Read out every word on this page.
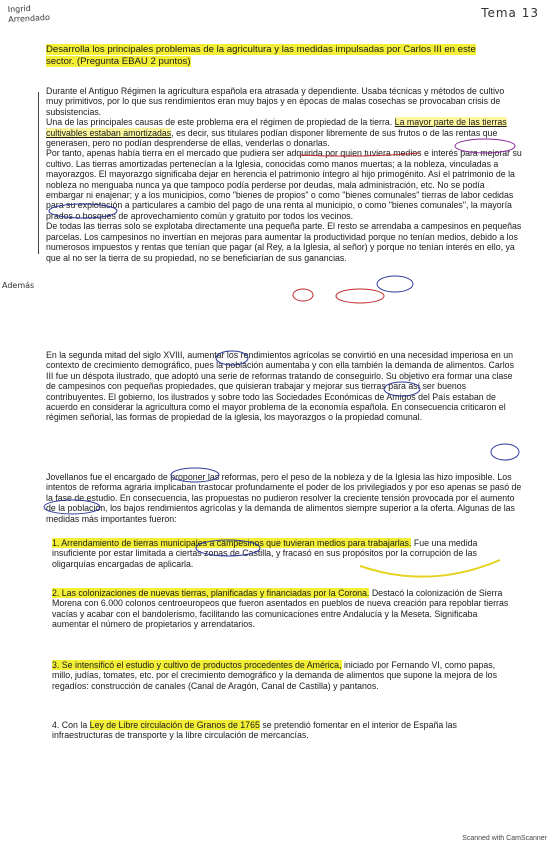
Ingrid
Arrendado	Tema 13
Además
Desarrolla los principales problemas de la agricultura y las medidas impulsadas por Carlos III en este sector. (Pregunta EBAU 2 puntos)

Durante el Antiguo Régimen la agricultura española era atrasada y dependiente. Usaba técnicas y métodos de cultivo muy primitivos, por lo que sus rendimientos eran muy bajos y en épocas de malas cosechas se provocaban crisis de subsistencias.

Una de las principales causas de este problema era el régimen de propiedad de la tierra. La mayor parte de las tierras cultivables estaban amortizadas, es decir, sus titulares podían disponer libremente de sus frutos o de las rentas que generasen, pero no podían desprenderse de ellas, venderlas o donarlas.

Por tanto, apenas había tierra en el mercado que pudiera ser adquirida por quien tuviera medios e interés para mejorar su cultivo. Las tierras amortizadas pertenecían a la Iglesia, conocidas como manos muertas; a la nobleza, vinculadas a mayorazgos. El mayorazgo significaba dejar en herencia el patrimonio íntegro al hijo primogénito. Así el patrimonio de la nobleza no menguaba nunca ya que tampoco podía perderse por deudas, mala administración, etc. No se podía embargar ni enajenar; y a los municipios, como "bienes de propios" o como "bienes comunales" tierras de labor cedidas para su explotación a particulares a cambio del pago de una renta al municipio, o como "bienes comunales", la mayoría prados o bosques de aprovechamiento común y gratuito por todos los vecinos.

De todas las tierras solo se explotaba directamente una pequeña parte. El resto se arrendaba a campesinos en pequeñas parcelas. Los campesinos no invertían en mejoras para aumentar la productividad porque no tenían medios, debido a los numerosos impuestos y rentas que tenían que pagar (al Rey, a la Iglesia, al señor) y porque no tenían interés en ello, ya que al no ser la tierra de su propiedad, no se beneficiarían de sus ganancias.

En la segunda mitad del siglo XVIII, aumentar los rendimientos agrícolas se convirtió en una necesidad imperiosa en un contexto de crecimiento demográfico, pues la población aumentaba y con ella también la demanda de alimentos. Carlos III fue un déspota ilustrado, que adoptó una serie de reformas tratando de conseguirlo. Su objetivo era formar una clase de campesinos con pequeñas propiedades, que quisieran trabajar y mejorar sus tierras para así ser buenos contribuyentes. El gobierno, los ilustrados y sobre todo las Sociedades Económicas de Amigos del País estaban de acuerdo en considerar la agricultura como el mayor problema de la economía española. En consecuencia criticaron el régimen señorial, las formas de propiedad de la iglesia, los mayorazgos o la propiedad comunal.

Jovellanos fue el encargado de proponer las reformas, pero el peso de la nobleza y de la Iglesia las hizo imposible. Los intentos de reforma agraria implicaban trastocar profundamente el poder de los privilegiados y por eso apenas se pasó de la fase de estudio. En consecuencia, las propuestas no pudieron resolver la creciente tensión provocada por el aumento de la población, los bajos rendimientos agrícolas y la demanda de alimentos siempre superior a la oferta. Algunas de las medidas más importantes fueron:

1. Arrendamiento de tierras municipales a campesinos que tuvieran medios para trabajarlas. Fue una medida insuficiente por estar limitada a ciertas zonas de Castilla, y fracasó en sus propósitos por la corrupción de las oligarquías encargadas de aplicarla.
2. Las colonizaciones de nuevas tierras, planificadas y financiadas por la Corona. Destacó la colonización de Sierra Morena con 6.000 colonos centroeuropeos que fueron asentados en pueblos de nueva creación para repoblar tierras vacías y acabar con el bandolerismo, facilitando las comunicaciones entre Andalucía y la Meseta. Significaba aumentar el número de propietarios y arrendatarios.
3. Se intensificó el estudio y cultivo de productos procedentes de América, iniciado por Fernando VI, como papas, millo, judías, tomates, etc. por el crecimiento demográfico y la demanda de alimentos que supone la mejora de los regadíos: construcción de canales (Canal de Aragón, Canal de Castilla) y pantanos.
4. Con la Ley de Libre circulación de Granos de 1765 se pretendió fomentar en el interior de España las infraestructuras de transporte y la libre circulación de mercancías.
Scanned with CamScanner
